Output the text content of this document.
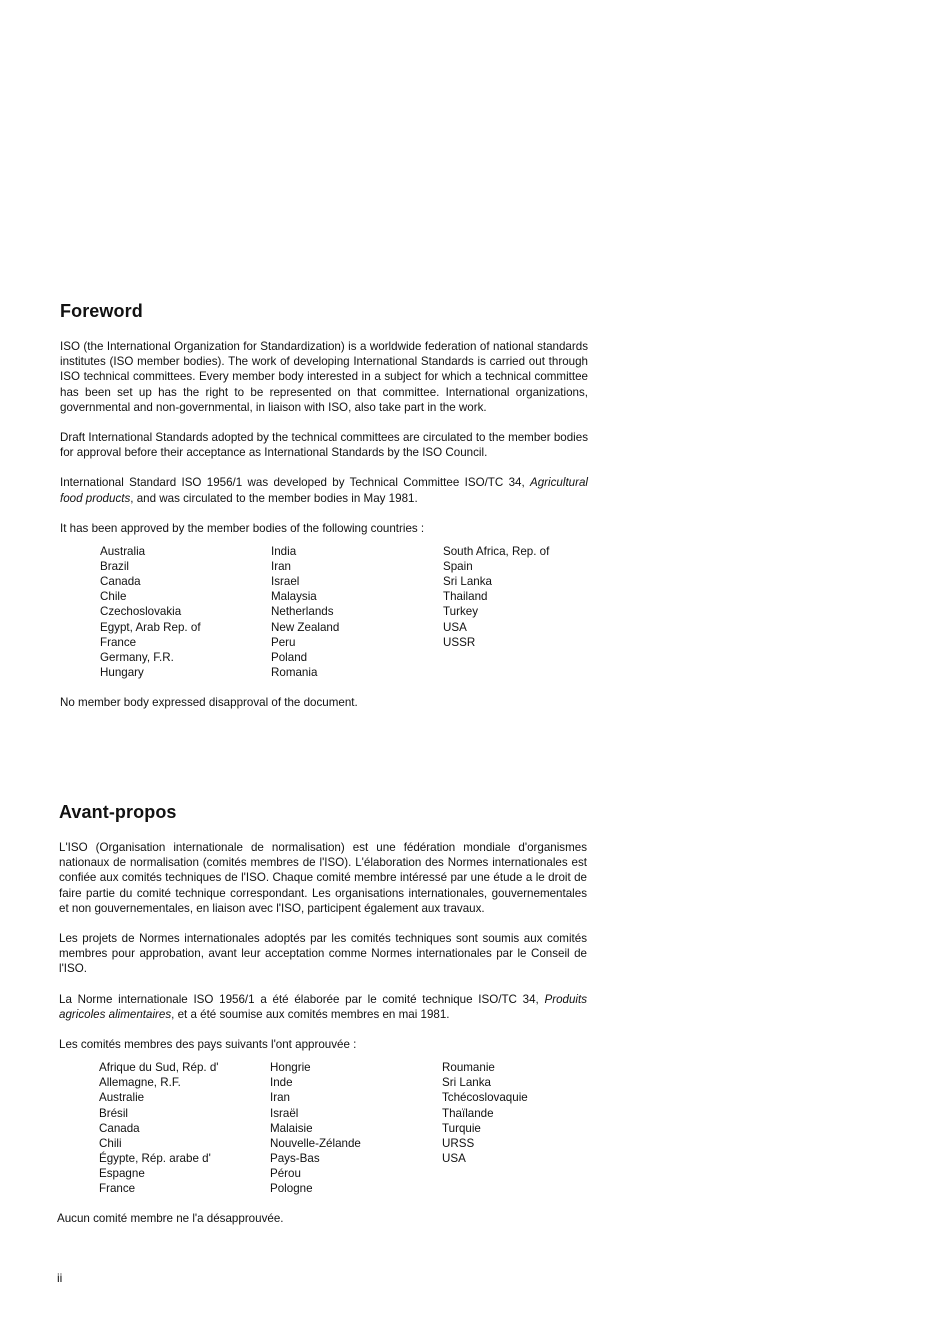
Foreword

ISO (the International Organization for Standardization) is a worldwide federation of national standards institutes (ISO member bodies). The work of developing International Standards is carried out through ISO technical committees. Every member body interested in a subject for which a technical committee has been set up has the right to be represented on that committee. International organizations, governmental and non-governmental, in liaison with ISO, also take part in the work.

Draft International Standards adopted by the technical committees are circulated to the member bodies for approval before their acceptance as International Standards by the ISO Council.

International Standard ISO 1956/1 was developed by Technical Committee ISO/TC 34, Agricultural food products, and was circulated to the member bodies in May 1981.

It has been approved by the member bodies of the following countries :

Australia
Brazil
Canada
Chile
Czechoslovakia
Egypt, Arab Rep. of
France
Germany, F.R.
Hungary
India
Iran
Israel
Malaysia
Netherlands
New Zealand
Peru
Poland
Romania
South Africa, Rep. of
Spain
Sri Lanka
Thailand
Turkey
USA
USSR

No member body expressed disapproval of the document.

Avant-propos

L'ISO (Organisation internationale de normalisation) est une fédération mondiale d'organismes nationaux de normalisation (comités membres de l'ISO). L'élaboration des Normes internationales est confiée aux comités techniques de l'ISO. Chaque comité membre intéressé par une étude a le droit de faire partie du comité technique correspondant. Les organisations internationales, gouvernementales et non gouvernementales, en liaison avec l'ISO, participent également aux travaux.

Les projets de Normes internationales adoptés par les comités techniques sont soumis aux comités membres pour approbation, avant leur acceptation comme Normes internationales par le Conseil de l'ISO.

La Norme internationale ISO 1956/1 a été élaborée par le comité technique ISO/TC 34, Produits agricoles alimentaires, et a été soumise aux comités membres en mai 1981.

Les comités membres des pays suivants l'ont approuvée :

Afrique du Sud, Rép. d'
Allemagne, R.F.
Australie
Brésil
Canada
Chili
Égypte, Rép. arabe d'
Espagne
France
Hongrie
Inde
Iran
Israël
Malaisie
Nouvelle-Zélande
Pays-Bas
Pérou
Pologne
Roumanie
Sri Lanka
Tchécoslovaquie
Thaïlande
Turquie
URSS
USA

Aucun comité membre ne l'a désapprouvée.

ii
